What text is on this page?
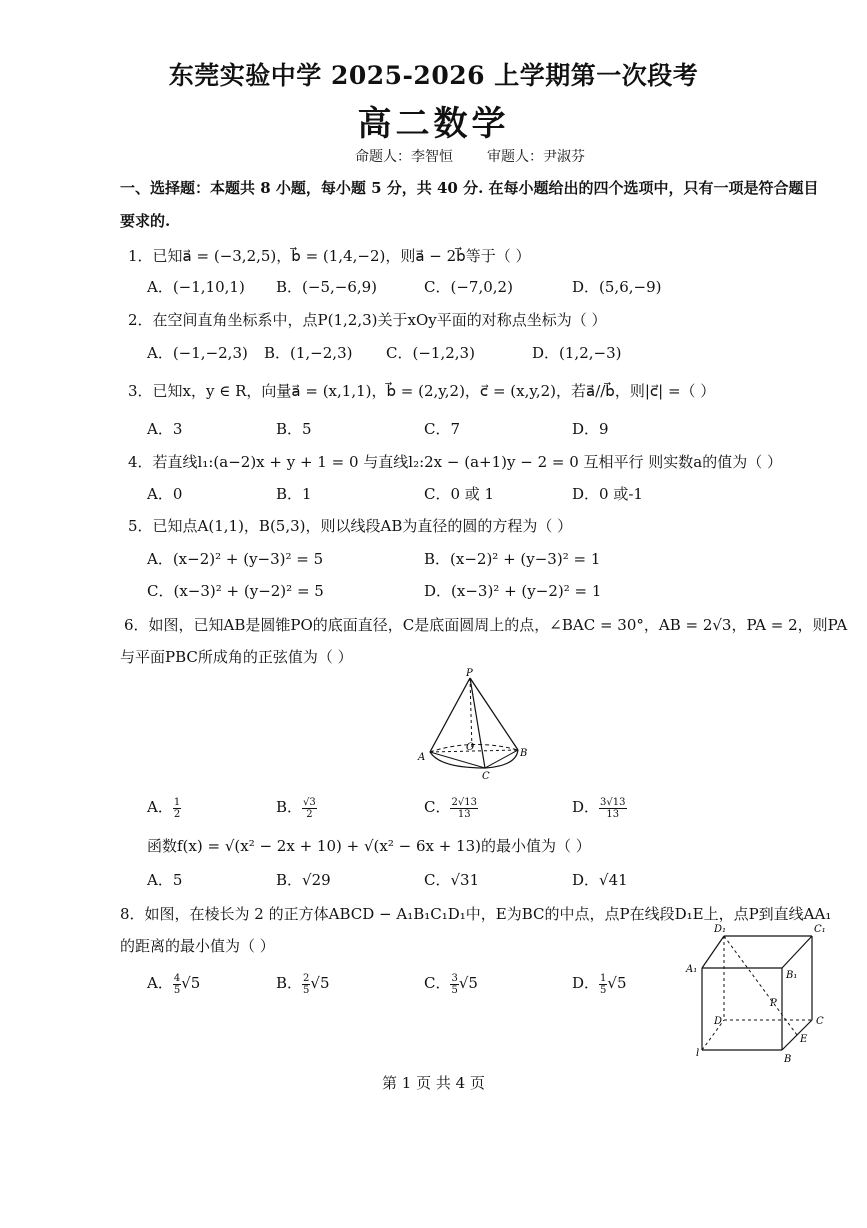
东莞实验中学 2025-2026 上学期第一次段考
高二数学
命题人：李智恒 审题人：尹淑芬
一、选择题：本题共 8 小题，每小题 5 分，共 40 分. 在每小题给出的四个选项中，只有一项是符合题目
要求的.
1．已知a⃗ = (−3,2,5)，b⃗ = (1,4,−2)，则a⃗ − 2b⃗等于（ ）
A．(−1,10,1) B．(−5,−6,9)	C．(−7,0,2)	D．(5,6,−9)
2．在空间直角坐标系中，点P(1,2,3)关于xOy平面的对称点坐标为（ ）
A．(−1,−2,3) B．(1,−2,3) C．(−1,2,3)	D．(1,2,−3)
3．已知x，y ∈ R，向量a⃗ = (x,1,1)，b⃗ = (2,y,2)，c⃗ = (x,y,2)，若a⃗//b⃗，则|c⃗| =（ ）
A．3	B．5	C．7	D．9
4．若直线l₁:(a−2)x + y + 1 = 0 与直线l₂:2x − (a+1)y − 2 = 0 互相平行 则实数a的值为（ ）
A．0	B．1	C．0 或 1	D．0 或-1
5．已知点A(1,1)，B(5,3)，则以线段AB为直径的圆的方程为（ ）
A．(x−2)² + (y−3)² = 5	B．(x−2)² + (y−3)² = 1
C．(x−3)² + (y−2)² = 5	D．(x−3)² + (y−2)² = 1
6．如图，已知AB是圆锥PO的底面直径，C是底面圆周上的点，∠BAC = 30°，AB = 2√3，PA = 2，则PA
与平面PBC所成角的正弦值为（ ）
P
A
O
B
C
A． $\frac{1}{2}$	B． $\frac{√3}{2}$	C． $\frac{2√13}{13}$	D． $\frac{3√13}{13}$
函数f(x) = √(x² − 2x + 10) + √(x² − 6x + 13)的最小值为（ ）
A．5	B．√29	C．√31	D．√41
8．如图，在棱长为 2 的正方体ABCD − A₁B₁C₁D₁中，E为BC的中点，点P在线段D₁E上，点P到直线AA₁
的距离的最小值为（ ）
A． $\frac{4}{5} √5$	B． $\frac{2}{5} √5$	C． $\frac{3}{5} √5$	D． $\frac{1}{5} √5$
D₁	C₁
A₁
B₁
P
D	C
E
B
l
第 1 页 共 4 页
